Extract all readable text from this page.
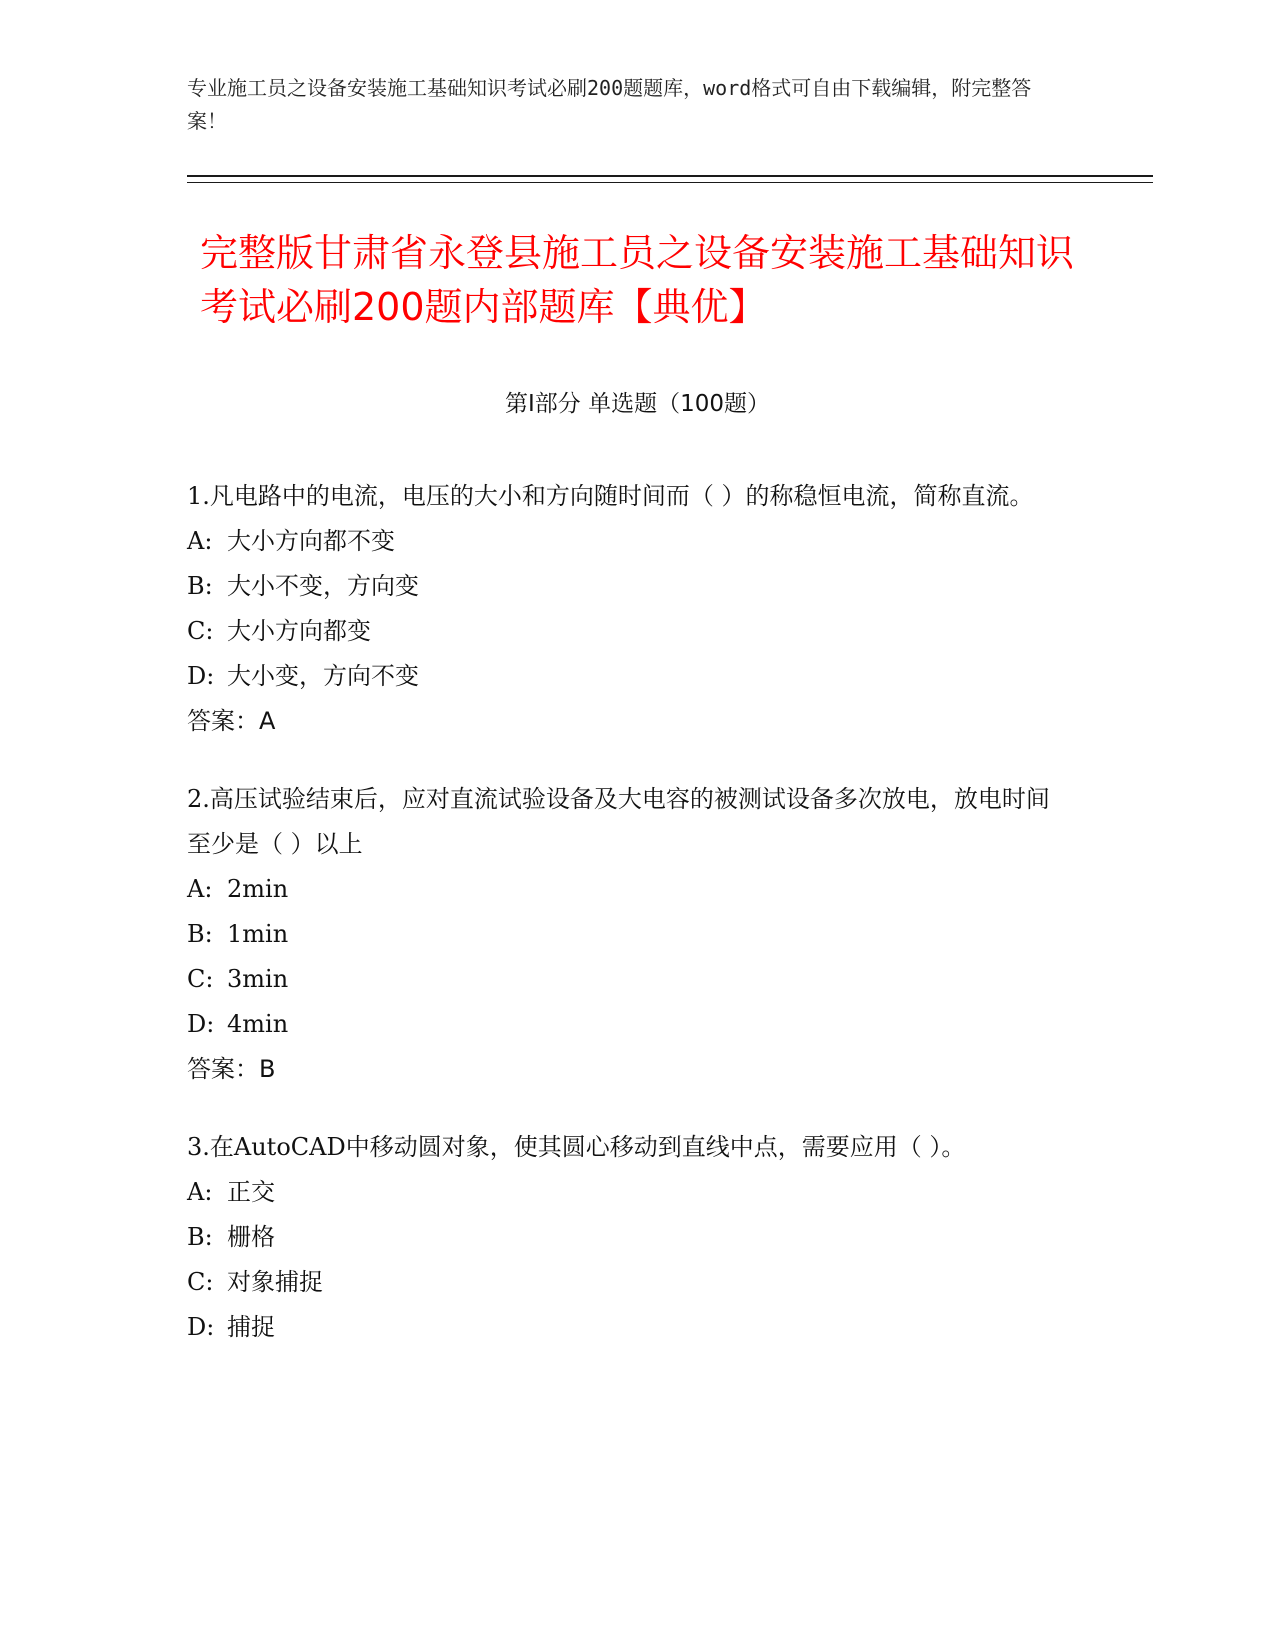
专业施工员之设备安装施工基础知识考试必刷200题题库，word格式可自由下载编辑，附完整答案！
完整版甘肃省永登县施工员之设备安装施工基础知识考试必刷200题内部题库【典优】
第I部分 单选题（100题）

1.凡电路中的电流，电压的大小和方向随时间而（ ）的称稳恒电流，简称直流。

A: 大小方向都不变

B: 大小不变，方向变

C: 大小方向都变

D: 大小变，方向不变

答案：A

2.高压试验结束后，应对直流试验设备及大电容的被测试设备多次放电，放电时间至少是（ ）以上

A: 2min

B: 1min

C: 3min

D: 4min

答案：B

3.在AutoCAD中移动圆对象，使其圆心移动到直线中点，需要应用（ ）。

A: 正交

B: 栅格

C: 对象捕捉

D: 捕捉
